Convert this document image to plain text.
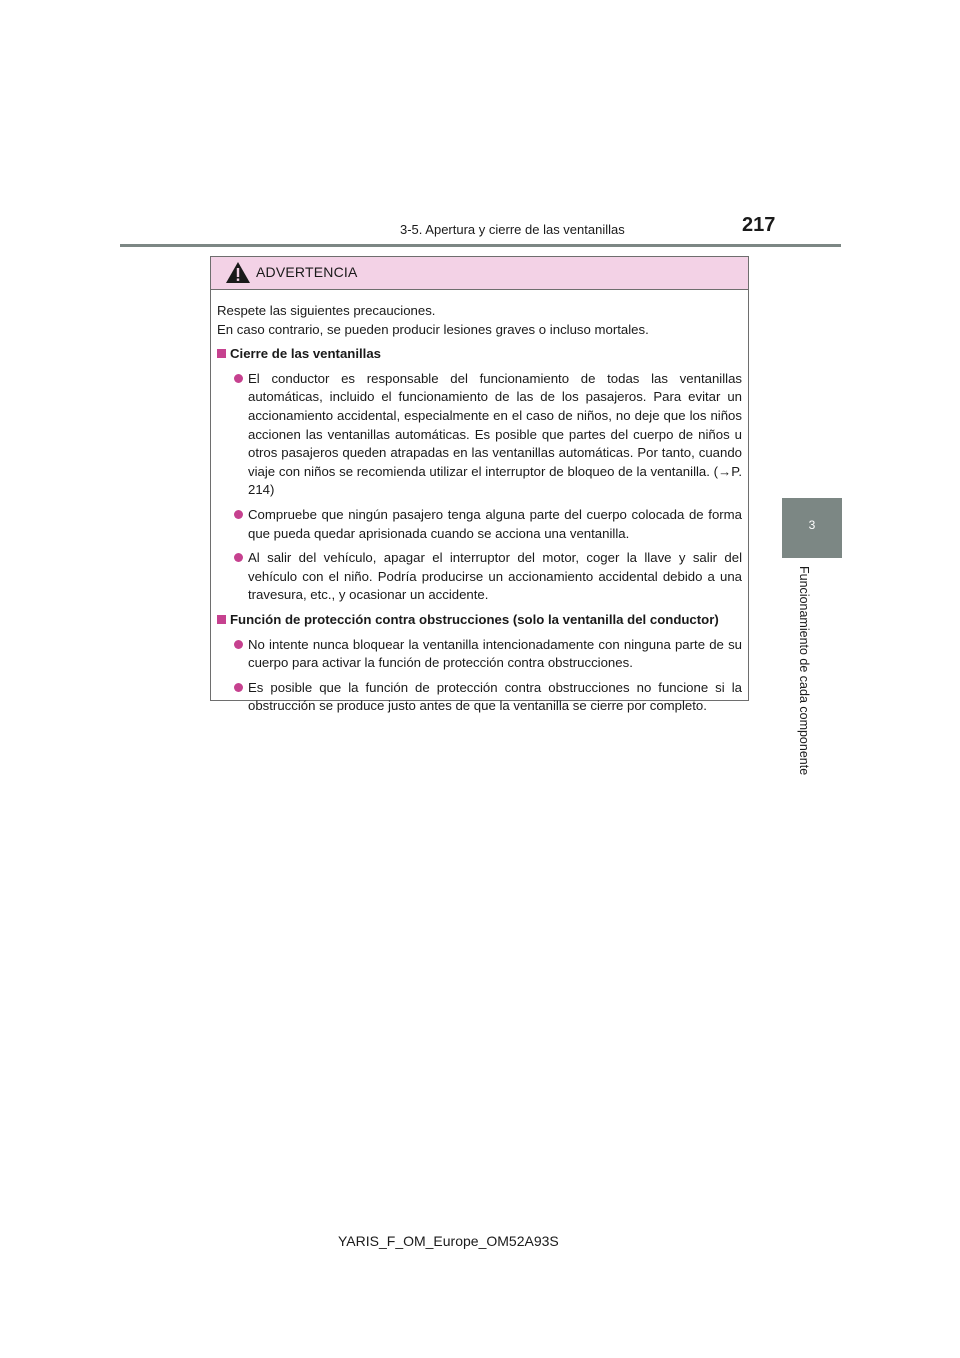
3-5. Apertura y cierre de las ventanillas	217
3
Funcionamiento de cada componente
ADVERTENCIA

Respete las siguientes precauciones.

En caso contrario, se pueden producir lesiones graves o incluso mortales.

Cierre de las ventanillas
El conductor es responsable del funcionamiento de todas las ventanillas automáticas, incluido el funcionamiento de las de los pasajeros. Para evitar un accionamiento accidental, especialmente en el caso de niños, no deje que los niños accionen las ventanillas automáticas. Es posible que partes del cuerpo de niños u otros pasajeros queden atrapadas en las ventanillas automáticas. Por tanto, cuando viaje con niños se recomienda utilizar el interruptor de bloqueo de la ventanilla. (→P. 214)
Compruebe que ningún pasajero tenga alguna parte del cuerpo colocada de forma que pueda quedar aprisionada cuando se acciona una ventanilla.
Al salir del vehículo, apagar el interruptor del motor, coger la llave y salir del vehículo con el niño. Podría producirse un accionamiento accidental debido a una travesura, etc., y ocasionar un accidente.
Función de protección contra obstrucciones (solo la ventanilla del conductor)
No intente nunca bloquear la ventanilla intencionadamente con ninguna parte de su cuerpo para activar la función de protección contra obstrucciones.
Es posible que la función de protección contra obstrucciones no funcione si la obstrucción se produce justo antes de que la ventanilla se cierre por completo.
YARIS_F_OM_Europe_OM52A93S
